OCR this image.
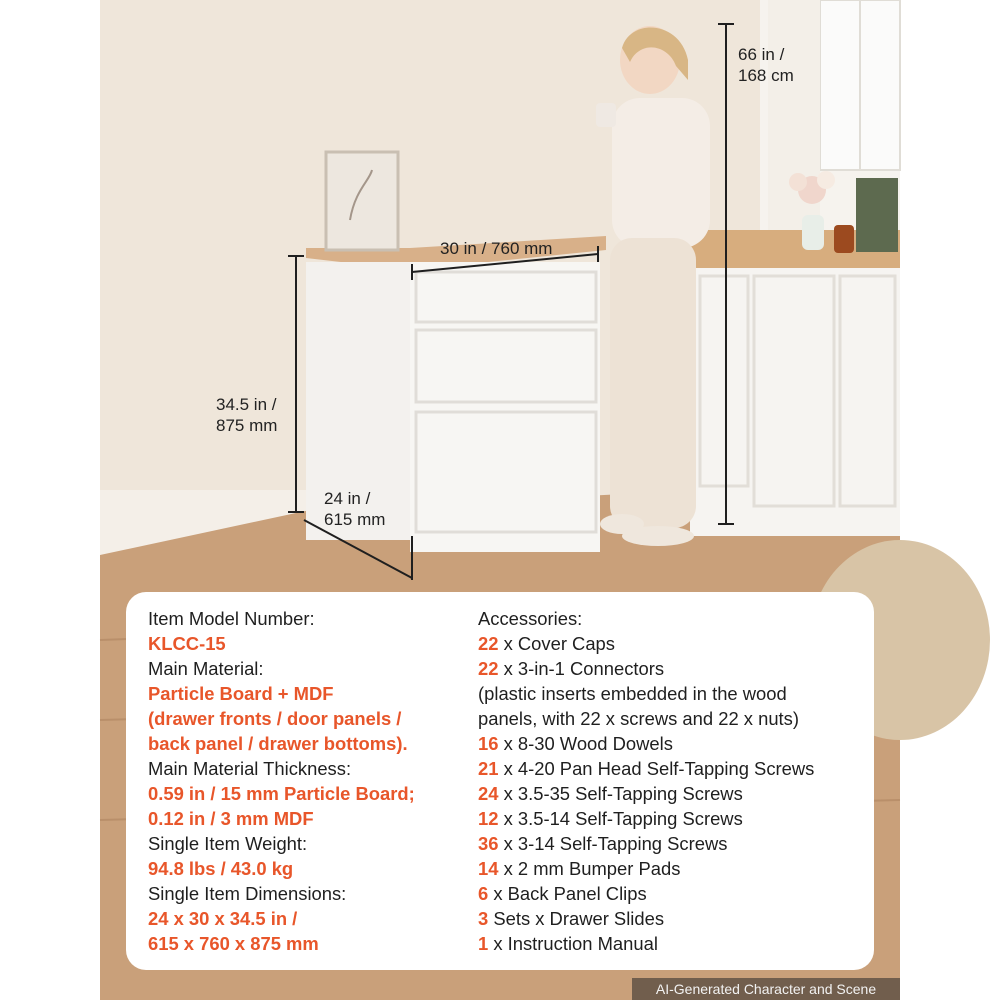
66 in /
168 cm
30 in / 760 mm
34.5 in /
875 mm
24 in /
615 mm
Item Model Number:
KLCC-15
Main Material:
Particle Board + MDF
(drawer fronts / door panels /
back panel / drawer bottoms).
Main Material Thickness:
0.59 in / 15 mm Particle Board;
0.12 in / 3 mm MDF
Single Item Weight:
94.8 lbs / 43.0 kg
Single Item Dimensions:
24 x 30 x 34.5 in /
615 x 760 x 875 mm
Accessories:
22 x Cover Caps
22 x 3-in-1 Connectors
(plastic inserts embedded in the wood
panels, with 22 x screws and 22 x nuts)
16 x 8-30 Wood Dowels
21 x 4-20 Pan Head Self-Tapping Screws
24 x 3.5-35 Self-Tapping Screws
12 x 3.5-14 Self-Tapping Screws
36 x 3-14 Self-Tapping Screws
14 x 2 mm Bumper Pads
6 x Back Panel Clips
3 Sets x Drawer Slides
1 x Instruction Manual
AI-Generated Character and Scene
